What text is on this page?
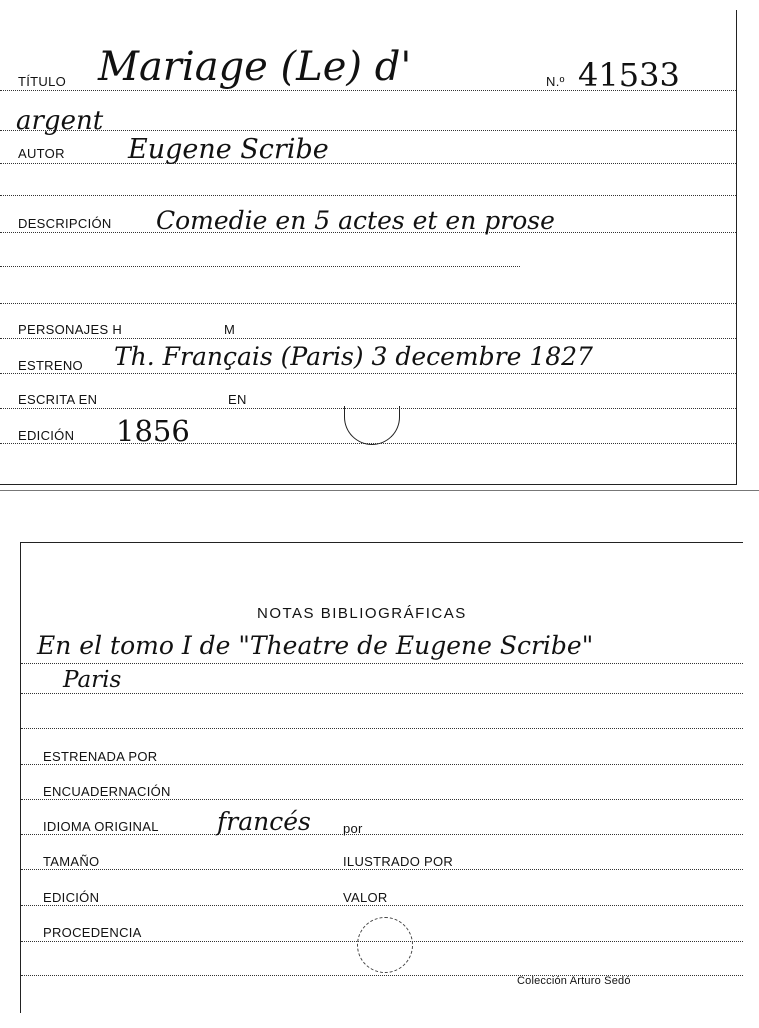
TÍTULO Mariage (Le) d'	N.º 41533
argent
AUTOR Eugene Scribe
DESCRIPCIÓN Comedie en 5 actes et en prose
PERSONAJES H	M
ESTRENO Th. Français (Paris) 3 decembre 1827
ESCRITA EN	EN
EDICIÓN 1856
NOTAS BIBLIOGRÁFICAS
En el tomo I de "Theatre de Eugene Scribe"
Paris
ESTRENADA POR
ENCUADERNACIÓN
IDIOMA ORIGINAL francés por
TAMAÑO	ILUSTRADO POR
EDICIÓN	VALOR
PROCEDENCIA
Colección Arturo Sedó
